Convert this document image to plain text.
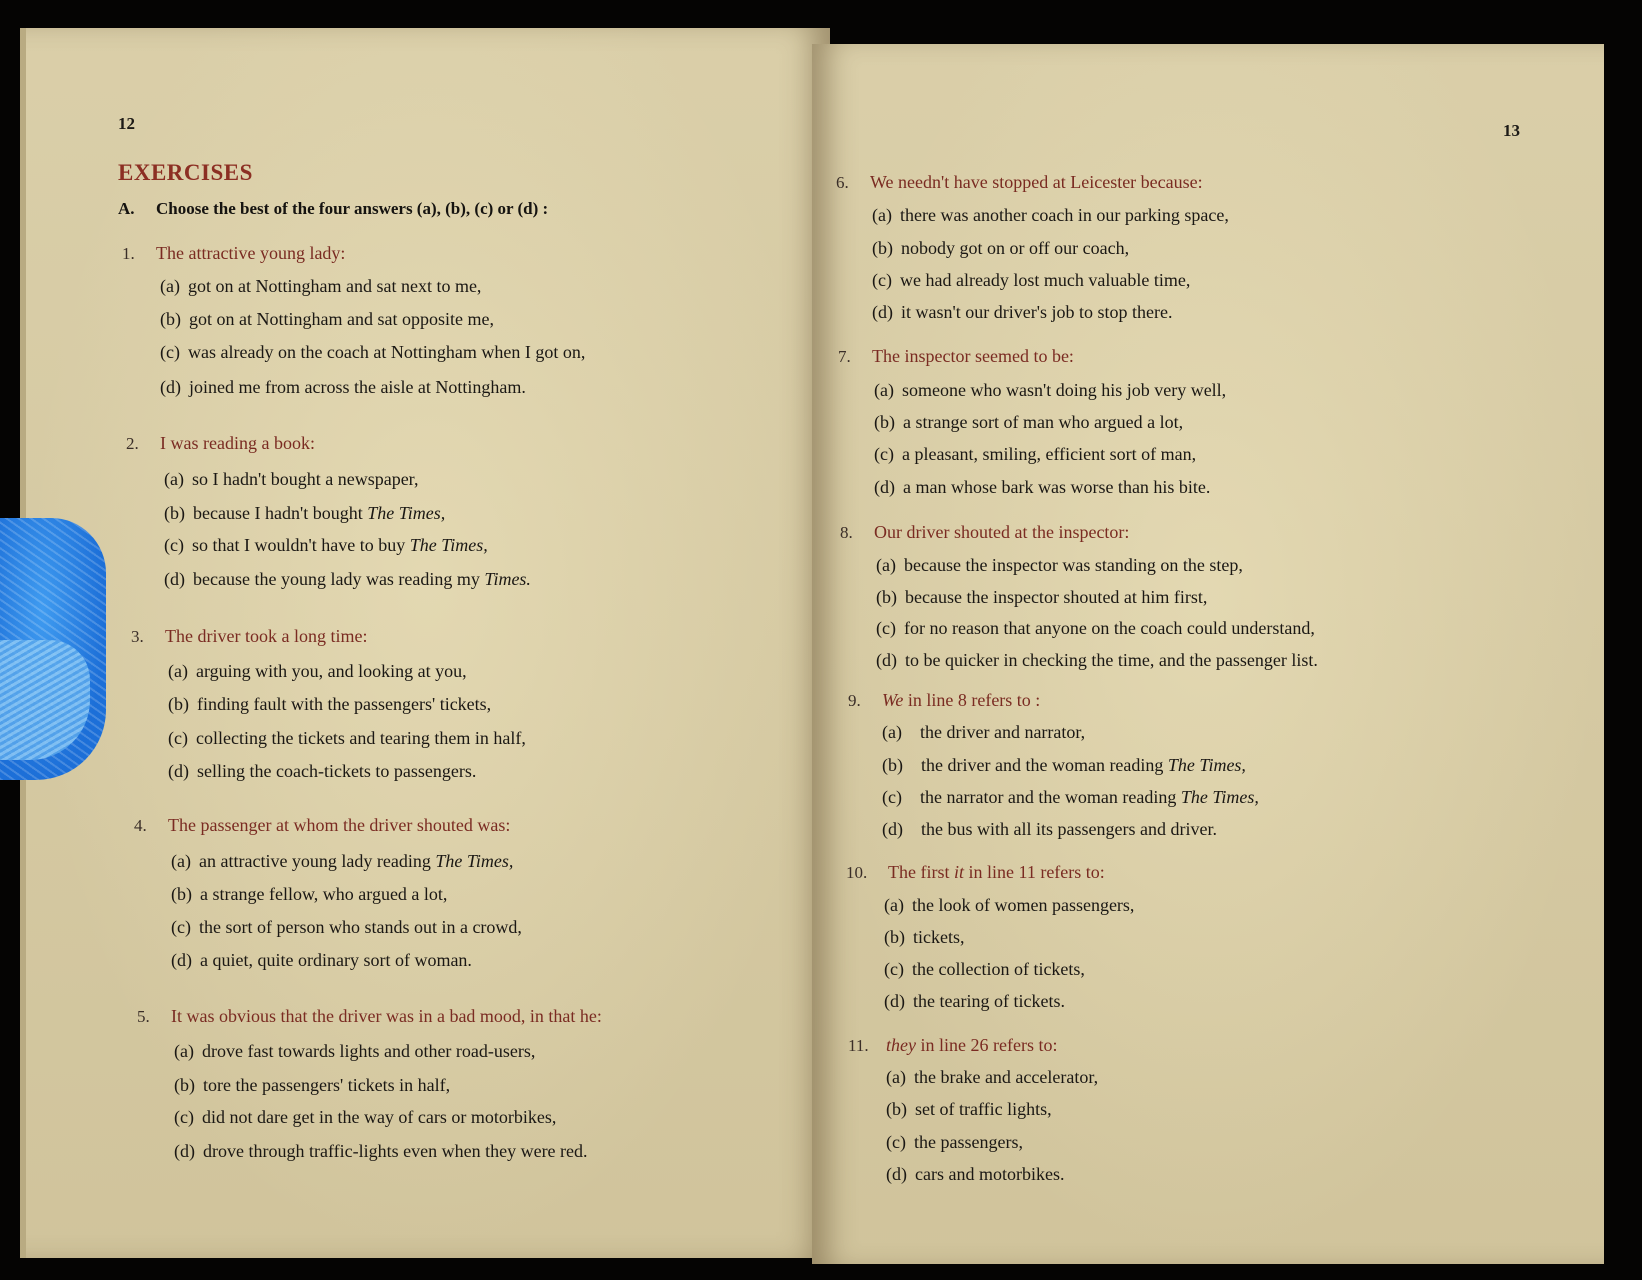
12
EXERCISES
A. Choose the best of the four answers (a), (b), (c) or (d) :
1. The attractive young lady:
(a) got on at Nottingham and sat next to me,
(b) got on at Nottingham and sat opposite me,
(c) was already on the coach at Nottingham when I got on,
(d) joined me from across the aisle at Nottingham.
2. I was reading a book:
(a) so I hadn't bought a newspaper,
(b) because I hadn't bought The Times,
(c) so that I wouldn't have to buy The Times,
(d) because the young lady was reading my Times.
3. The driver took a long time:
(a) arguing with you, and looking at you,
(b) finding fault with the passengers' tickets,
(c) collecting the tickets and tearing them in half,
(d) selling the coach-tickets to passengers.
4. The passenger at whom the driver shouted was:
(a) an attractive young lady reading The Times,
(b) a strange fellow, who argued a lot,
(c) the sort of person who stands out in a crowd,
(d) a quiet, quite ordinary sort of woman.
5. It was obvious that the driver was in a bad mood, in that he:
(a) drove fast towards lights and other road-users,
(b) tore the passengers' tickets in half,
(c) did not dare get in the way of cars or motorbikes,
(d) drove through traffic-lights even when they were red.
13
6. We needn't have stopped at Leicester because:
(a) there was another coach in our parking space,
(b) nobody got on or off our coach,
(c) we had already lost much valuable time,
(d) it wasn't our driver's job to stop there.
7. The inspector seemed to be:
(a) someone who wasn't doing his job very well,
(b) a strange sort of man who argued a lot,
(c) a pleasant, smiling, efficient sort of man,
(d) a man whose bark was worse than his bite.
8. Our driver shouted at the inspector:
(a) because the inspector was standing on the step,
(b) because the inspector shouted at him first,
(c) for no reason that anyone on the coach could understand,
(d) to be quicker in checking the time, and the passenger list.
9. We in line 8 refers to :
(a) the driver and narrator,
(b) the driver and the woman reading The Times,
(c) the narrator and the woman reading The Times,
(d) the bus with all its passengers and driver.
10. The first it in line 11 refers to:
(a) the look of women passengers,
(b) tickets,
(c) the collection of tickets,
(d) the tearing of tickets.
11. they in line 26 refers to:
(a) the brake and accelerator,
(b) set of traffic lights,
(c) the passengers,
(d) cars and motorbikes.
